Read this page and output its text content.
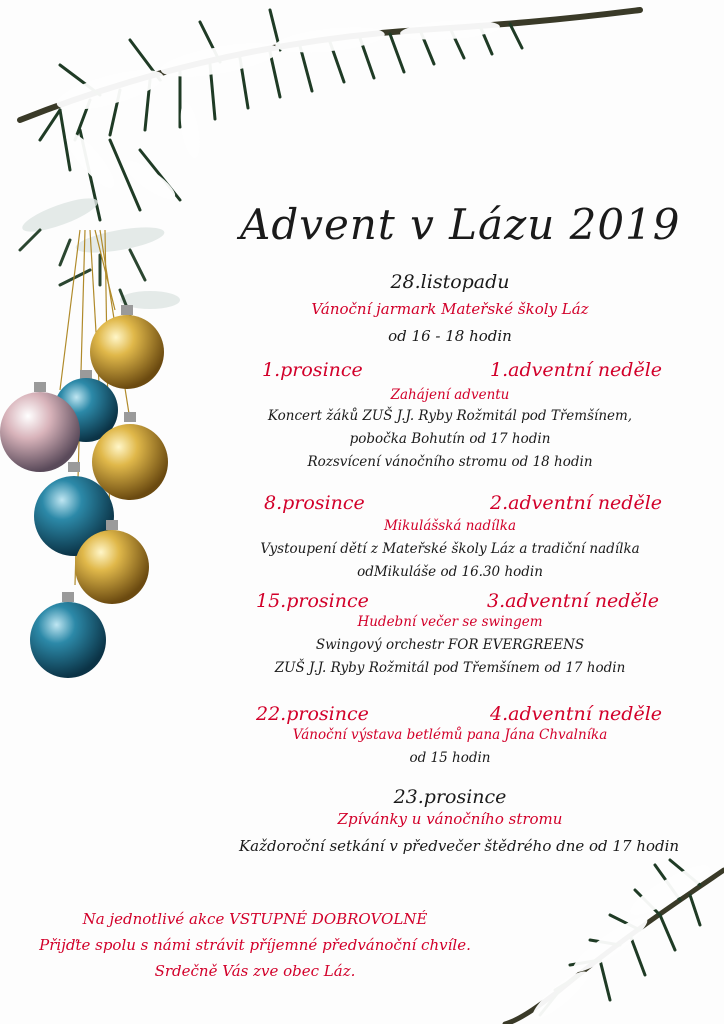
Advent v Lázu 2019
28.listopadu
Vánoční jarmark Mateřské školy Láz
od 16 - 18 hodin
1.prosince	1.adventní neděle
Zahájení adventu
Koncert žáků ZUŠ J.J. Ryby Rožmitál pod Třemšínem,
pobočka Bohutín od 17 hodin
Rozsvícení vánočního stromu od 18 hodin
8.prosince	2.adventní neděle
Mikulášská nadílka
Vystoupení dětí z Mateřské školy Láz a tradiční nadílka
odMikuláše od 16.30 hodin
15.prosince	3.adventní neděle
Hudební večer se swingem
Swingový orchestr FOR EVERGREENS
ZUŠ J.J. Ryby Rožmitál pod Třemšínem od 17 hodin
22.prosince	4.adventní neděle
Vánoční výstava betlémů pana Jána Chvalníka
od 15 hodin
23.prosince
Zpívánky u vánočního stromu
Každoroční setkání v předvečer štědrého dne od 17 hodin
Na jednotlivé akce VSTUPNÉ DOBROVOLNÉ
Přijďte spolu s námi strávit příjemné předvánoční chvíle.
Srdečně Vás zve obec Láz.
